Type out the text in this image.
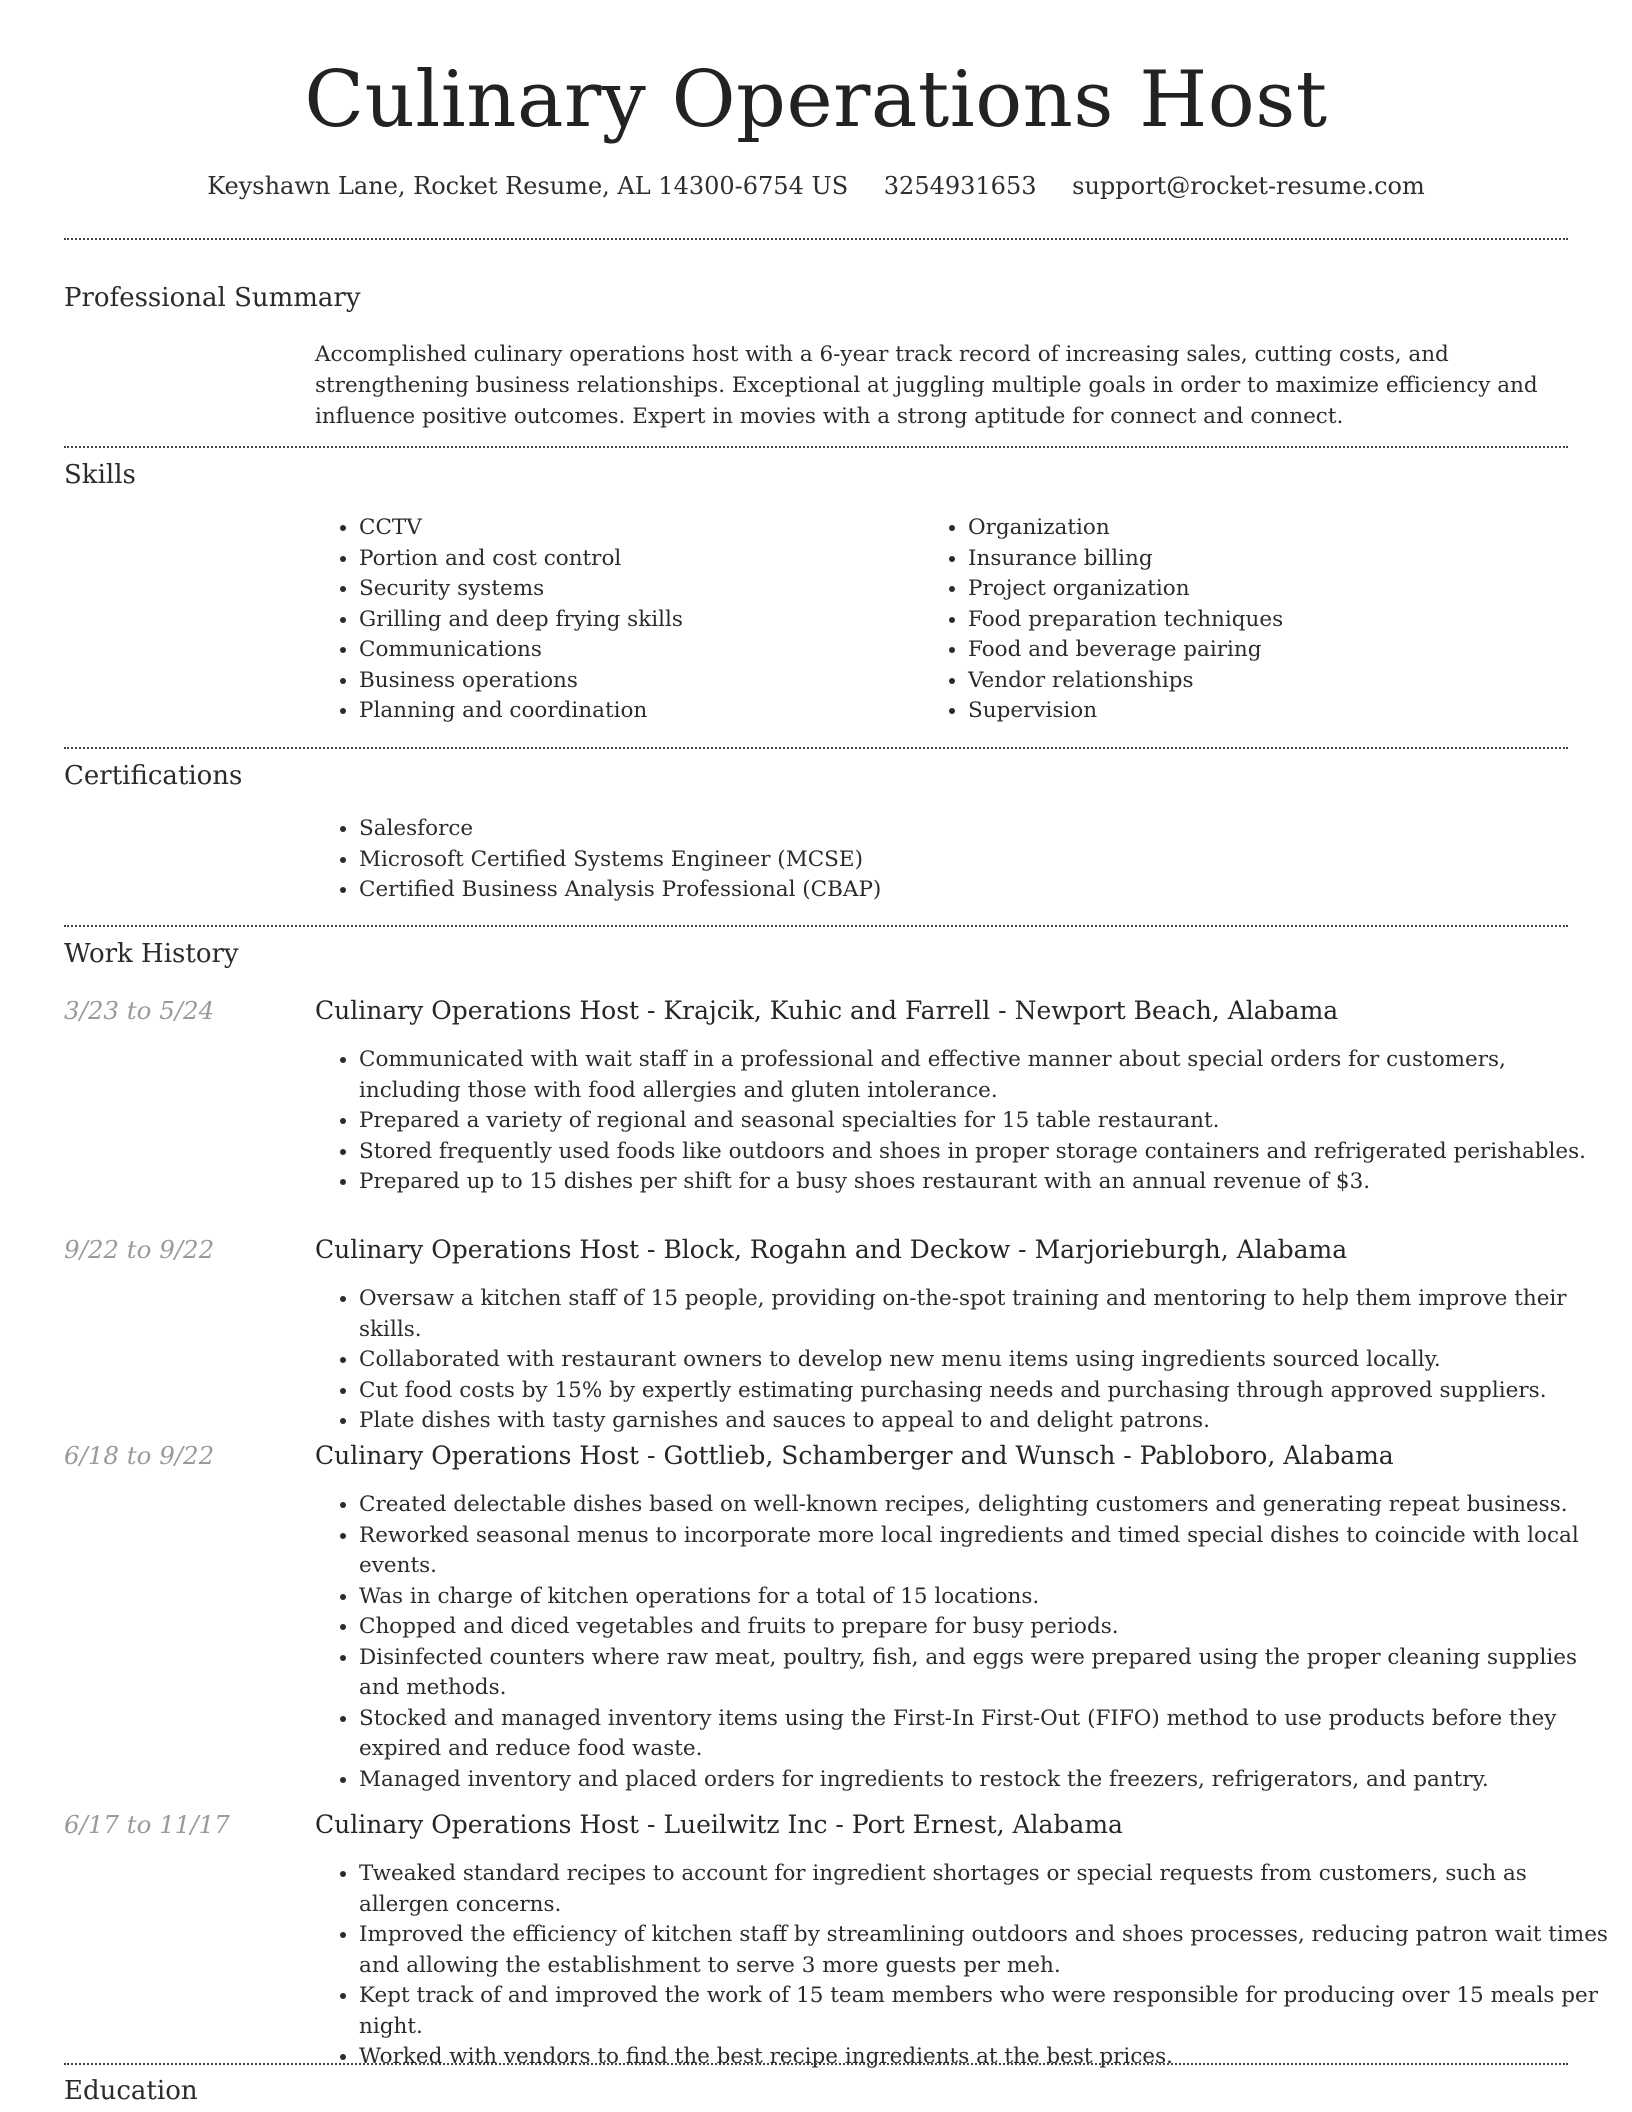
Culinary Operations Host
Keyshawn Lane, Rocket Resume, AL 14300-6754 US 3254931653 support@rocket-resume.com
Professional Summary
Accomplished culinary operations host with a 6-year track record of increasing sales, cutting costs, and strengthening business relationships. Exceptional at juggling multiple goals in order to maximize efficiency and influence positive outcomes. Expert in movies with a strong aptitude for connect and connect.
Skills
• CCTV
• Portion and cost control
• Security systems
• Grilling and deep frying skills
• Communications
• Business operations
• Planning and coordination
• Organization
• Insurance billing
• Project organization
• Food preparation techniques
• Food and beverage pairing
• Vendor relationships
• Supervision
Certifications
• Salesforce
• Microsoft Certified Systems Engineer (MCSE)
• Certified Business Analysis Professional (CBAP)
Work History
3/23 to 5/24	Culinary Operations Host - Krajcik, Kuhic and Farrell - Newport Beach, Alabama
• Communicated with wait staff in a professional and effective manner about special orders for customers, including those with food allergies and gluten intolerance.
• Prepared a variety of regional and seasonal specialties for 15 table restaurant.
• Stored frequently used foods like outdoors and shoes in proper storage containers and refrigerated perishables.
• Prepared up to 15 dishes per shift for a busy shoes restaurant with an annual revenue of $3.
9/22 to 9/22	Culinary Operations Host - Block, Rogahn and Deckow - Marjorieburgh, Alabama
• Oversaw a kitchen staff of 15 people, providing on-the-spot training and mentoring to help them improve their skills.
• Collaborated with restaurant owners to develop new menu items using ingredients sourced locally.
• Cut food costs by 15% by expertly estimating purchasing needs and purchasing through approved suppliers.
• Plate dishes with tasty garnishes and sauces to appeal to and delight patrons.
6/18 to 9/22	Culinary Operations Host - Gottlieb, Schamberger and Wunsch - Pabloboro, Alabama
• Created delectable dishes based on well-known recipes, delighting customers and generating repeat business.
• Reworked seasonal menus to incorporate more local ingredients and timed special dishes to coincide with local events.
• Was in charge of kitchen operations for a total of 15 locations.
• Chopped and diced vegetables and fruits to prepare for busy periods.
• Disinfected counters where raw meat, poultry, fish, and eggs were prepared using the proper cleaning supplies and methods.
• Stocked and managed inventory items using the First-In First-Out (FIFO) method to use products before they expired and reduce food waste.
• Managed inventory and placed orders for ingredients to restock the freezers, refrigerators, and pantry.
6/17 to 11/17	Culinary Operations Host - Lueilwitz Inc - Port Ernest, Alabama
• Tweaked standard recipes to account for ingredient shortages or special requests from customers, such as allergen concerns.
• Improved the efficiency of kitchen staff by streamlining outdoors and shoes processes, reducing patron wait times and allowing the establishment to serve 3 more guests per meh.
• Kept track of and improved the work of 15 team members who were responsible for producing over 15 meals per night.
• Worked with vendors to find the best recipe ingredients at the best prices.
Education
